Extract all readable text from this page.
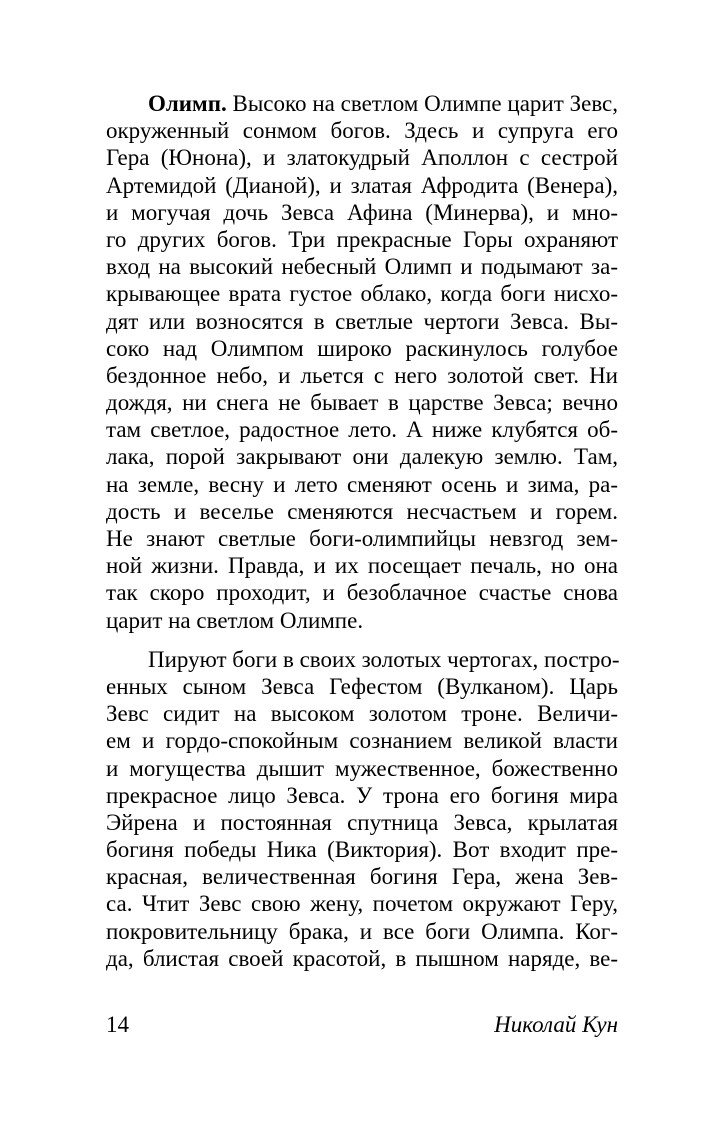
Олимп. Высоко на светлом Олимпе царит Зевс,
окруженный сонмом богов. Здесь и супруга его
Гера (Юнона), и златокудрый Аполлон с сестрой
Артемидой (Дианой), и златая Афродита (Венера),
и могучая дочь Зевса Афина (Минерва), и мно-
го других богов. Три прекрасные Горы охраняют
вход на высокий небесный Олимп и подымают за-
крывающее врата густое облако, когда боги нисхо-
дят или возносятся в светлые чертоги Зевса. Вы-
соко над Олимпом широко раскинулось голубое
бездонное небо, и льется с него золотой свет. Ни
дождя, ни снега не бывает в царстве Зевса; вечно
там светлое, радостное лето. А ниже клубятся об-
лака, порой закрывают они далекую землю. Там,
на земле, весну и лето сменяют осень и зима, ра-
дость и веселье сменяются несчастьем и горем.
Не знают светлые боги-олимпийцы невзгод зем-
ной жизни. Правда, и их посещает печаль, но она
так скоро проходит, и безоблачное счастье снова
царит на светлом Олимпе.
Пируют боги в своих золотых чертогах, постро-
енных сыном Зевса Гефестом (Вулканом). Царь
Зевс сидит на высоком золотом троне. Величи-
ем и гордо-спокойным сознанием великой власти
и могущества дышит мужественное, божественно
прекрасное лицо Зевса. У трона его богиня мира
Эйрена и постоянная спутница Зевса, крылатая
богиня победы Ника (Виктория). Вот входит пре-
красная, величественная богиня Гера, жена Зев-
са. Чтит Зевс свою жену, почетом окружают Геру,
покровительницу брака, и все боги Олимпа. Ког-
да, блистая своей красотой, в пышном наряде, ве-
14	Николай Кун
